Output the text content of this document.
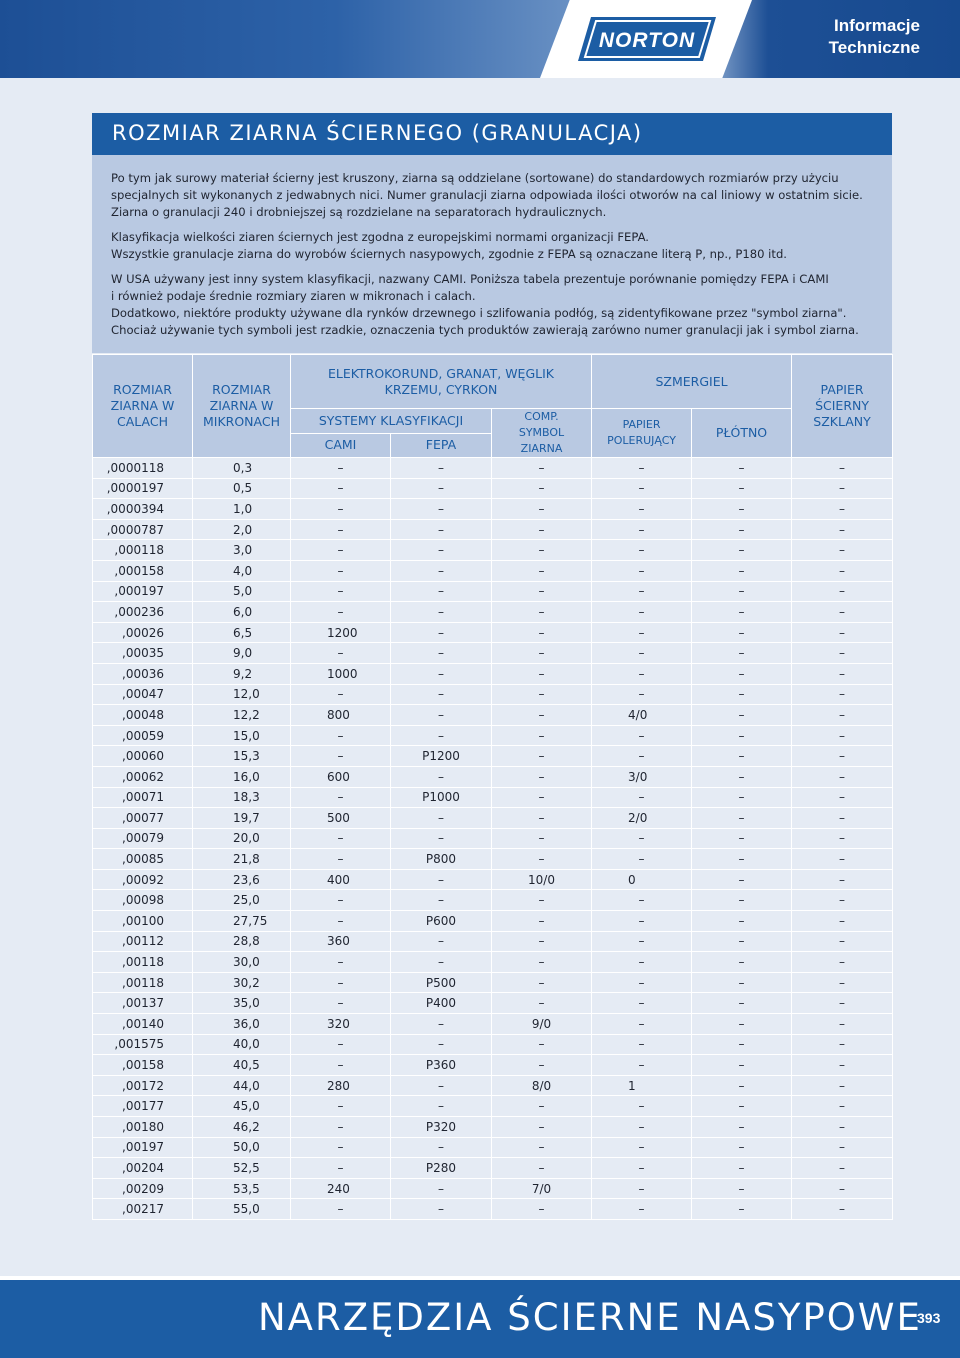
NORTON
Informacje
Techniczne
ROZMIAR ZIARNA ŚCIERNEGO (GRANULACJA)

Po tym jak surowy materiał ścierny jest kruszony, ziarna są oddzielane (sortowane) do standardowych rozmiarów przy użyciu
specjalnych sit wykonanych z jedwabnych nici. Numer granulacji ziarna odpowiada ilości otworów na cal liniowy w ostatnim sicie.
Ziarna o granulacji 240 i drobniejszej są rozdzielane na separatorach hydraulicznych.

Klasyfikacja wielkości ziaren ściernych jest zgodna z europejskimi normami organizacji FEPA.
Wszystkie granulacje ziarna do wyrobów ściernych nasypowych, zgodnie z FEPA są oznaczane literą P, np., P180 itd.

W USA używany jest inny system klasyfikacji, nazwany CAMI. Poniższa tabela prezentuje porównanie pomiędzy FEPA i CAMI
i również podaje średnie rozmiary ziaren w mikronach i calach.
Dodatkowo, niektóre produkty używane dla rynków drzewnego i szlifowania podłóg, są zidentyfikowane przez "symbol ziarna".
Chociaż używanie tych symboli jest rzadkie, oznaczenia tych produktów zawierają zarówno numer granulacji jak i symbol ziarna.

ROZMIAR ZIARNA W CALACH	ROZMIAR ZIARNA W MIKRONACH	ELEKTROKORUND, GRANAT, WĘGLIK KRZEMU, CYRKON			SZMERGIEL		PAPIER ŚCIERNY SZKLANY
		SYSTEMY KLASYFIKACJI		COMP. SYMBOL ZIARNA	PAPIER POLERUJĄCY	PŁÓTNO	
		CAMI	FEPA				
,0000118	0,3	–	–	–	–	–	–
,0000197	0,5	–	–	–	–	–	–
,0000394	1,0	–	–	–	–	–	–
,0000787	2,0	–	–	–	–	–	–
,000118	3,0	–	–	–	–	–	–
,000158	4,0	–	–	–	–	–	–
,000197	5,0	–	–	–	–	–	–
,000236	6,0	–	–	–	–	–	–
,00026	6,5	1200	–	–	–	–	–
,00035	9,0	–	–	–	–	–	–
,00036	9,2	1000	–	–	–	–	–
,00047	12,0	–	–	–	–	–	–
,00048	12,2	800	–	–	4/0	–	–
,00059	15,0	–	–	–	–	–	–
,00060	15,3	–	P1200	–	–	–	–
,00062	16,0	600	–	–	3/0	–	–
,00071	18,3	–	P1000	–	–	–	–
,00077	19,7	500	–	–	2/0	–	–
,00079	20,0	–	–	–	–	–	–
,00085	21,8	–	P800	–	–	–	–
,00092	23,6	400	–	10/0	0	–	–
,00098	25,0	–	–	–	–	–	–
,00100	27,75	–	P600	–	–	–	–
,00112	28,8	360	–	–	–	–	–
,00118	30,0	–	–	–	–	–	–
,00118	30,2	–	P500	–	–	–	–
,00137	35,0	–	P400	–	–	–	–
,00140	36,0	320	–	9/0	–	–	–
,001575	40,0	–	–	–	–	–	–
,00158	40,5	–	P360	–	–	–	–
,00172	44,0	280	–	8/0	1	–	–
,00177	45,0	–	–	–	–	–	–
,00180	46,2	–	P320	–	–	–	–
,00197	50,0	–	–	–	–	–	–
,00204	52,5	–	P280	–	–	–	–
,00209	53,5	240	–	7/0	–	–	–
,00217	55,0	–	–	–	–	–	–
NARZĘDZIA ŚCIERNE NASYPOWE
393
